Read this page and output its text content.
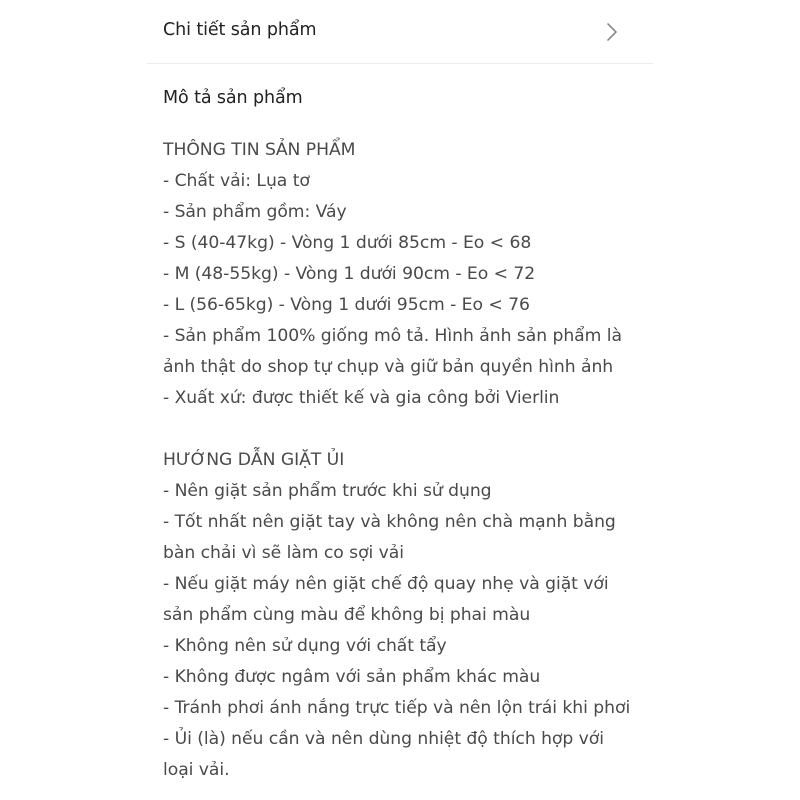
Chi tiết sản phẩm
Mô tả sản phẩm
THÔNG TIN SẢN PHẨM
- Chất vải: Lụa tơ
- Sản phẩm gồm: Váy
- S (40-47kg) - Vòng 1 dưới 85cm - Eo < 68
- M (48-55kg) - Vòng 1 dưới 90cm - Eo < 72
- L (56-65kg) - Vòng 1 dưới 95cm - Eo < 76
- Sản phẩm 100% giống mô tả. Hình ảnh sản phẩm là
ảnh thật do shop tự chụp và giữ bản quyền hình ảnh
- Xuất xứ: được thiết kế và gia công bởi Vierlin
HƯỚNG DẪN GIẶT ỦI
- Nên giặt sản phẩm trước khi sử dụng
- Tốt nhất nên giặt tay và không nên chà mạnh bằng
bàn chải vì sẽ làm co sợi vải
- Nếu giặt máy nên giặt chế độ quay nhẹ và giặt với
sản phẩm cùng màu để không bị phai màu
- Không nên sử dụng với chất tẩy
- Không được ngâm với sản phẩm khác màu
- Tránh phơi ánh nắng trực tiếp và nên lộn trái khi phơi
- Ủi (là) nếu cần và nên dùng nhiệt độ thích hợp với
loại vải.
